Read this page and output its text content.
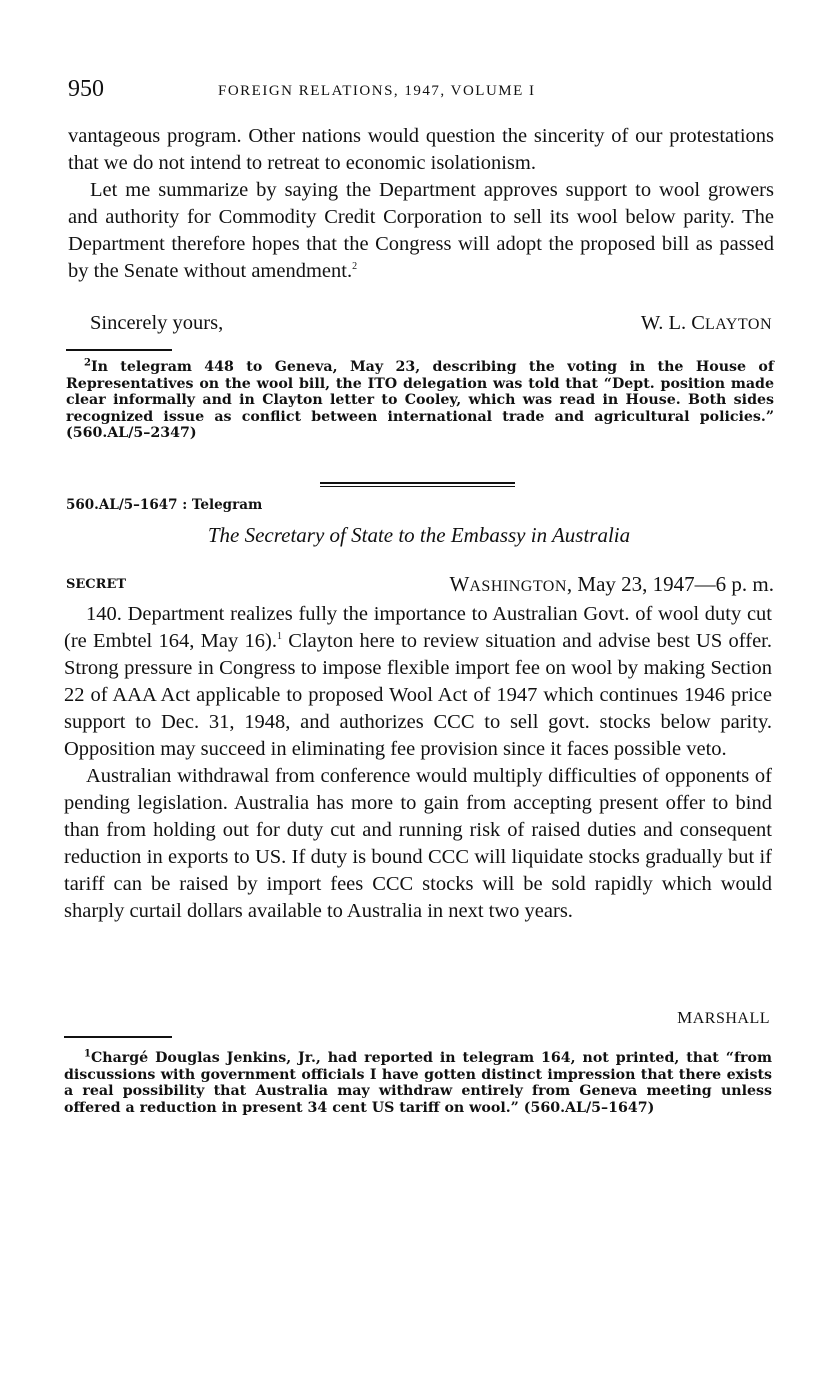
950	FOREIGN RELATIONS, 1947, VOLUME I

vantageous program. Other nations would question the sincerity of our protestations that we do not intend to retreat to economic isolationism.

Let me summarize by saying the Department approves support to wool growers and authority for Commodity Credit Corporation to sell its wool below parity. The Department therefore hopes that the Congress will adopt the proposed bill as passed by the Senate without amendment.$^2$

Sincerely yours,	W. L. CLAYTON

$^2$In telegram 448 to Geneva, May 23, describing the voting in the House of Representatives on the wool bill, the ITO delegation was told that “Dept. position made clear informally and in Clayton letter to Cooley, which was read in House. Both sides recognized issue as conflict between international trade and agricultural policies.” (560.AL/5–2347)

560.AL/5–1647 : Telegram
The Secretary of State to the Embassy in Australia
SECRET	WASHINGTON, May 23, 1947—6 p. m.

140. Department realizes fully the importance to Australian Govt. of wool duty cut (re Embtel 164, May 16).$^1$ Clayton here to review situation and advise best US offer. Strong pressure in Congress to impose flexible import fee on wool by making Section 22 of AAA Act applicable to proposed Wool Act of 1947 which continues 1946 price support to Dec. 31, 1948, and authorizes CCC to sell govt. stocks below parity. Opposition may succeed in eliminating fee provision since it faces possible veto.

Australian withdrawal from conference would multiply difficulties of opponents of pending legislation. Australia has more to gain from accepting present offer to bind than from holding out for duty cut and running risk of raised duties and consequent reduction in exports to US. If duty is bound CCC will liquidate stocks gradually but if tariff can be raised by import fees CCC stocks will be sold rapidly which would sharply curtail dollars available to Australia in next two years.

MARSHALL

$^1$Chargé Douglas Jenkins, Jr., had reported in telegram 164, not printed, that “from discussions with government officials I have gotten distinct impression that there exists a real possibility that Australia may withdraw entirely from Geneva meeting unless offered a reduction in present 34 cent US tariff on wool.” (560.AL/5–1647)
